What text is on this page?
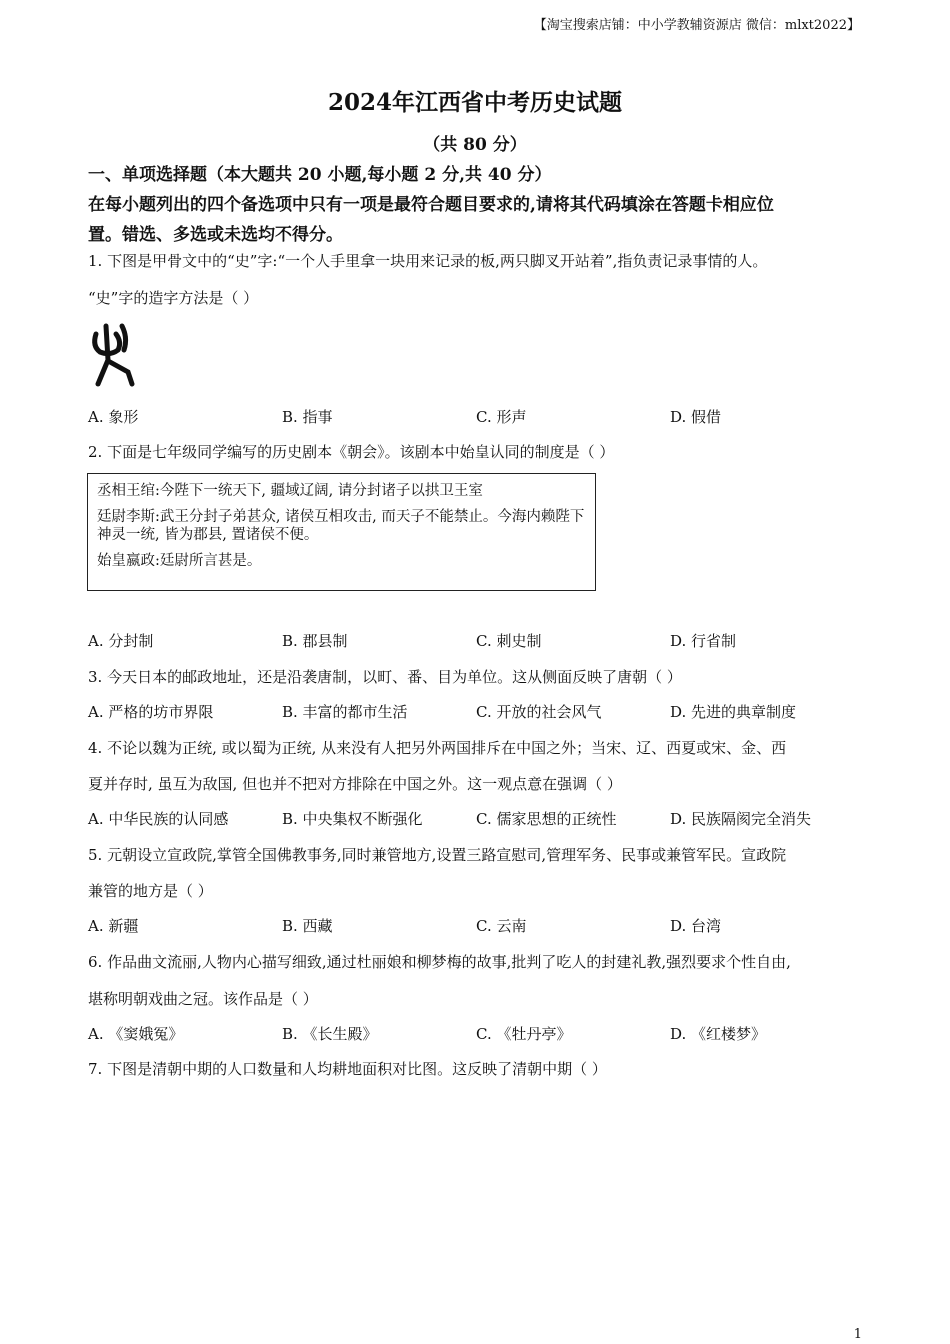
【淘宝搜索店铺：中小学教辅资源店 微信：mlxt2022】
2024年江西省中考历史试题
（共 80 分）
一、单项选择题（本大题共 20 小题,每小题 2 分,共 40 分）
在每小题列出的四个备选项中只有一项是最符合题目要求的,请将其代码填涂在答题卡相应位
置。错选、多选或未选均不得分。
1. 下图是甲骨文中的“史”字:“一个人手里拿一块用来记录的板,两只脚叉开站着”,指负责记录事情的人。
“史”字的造字方法是（ ）
A. 象形	B. 指事	C. 形声	D. 假借
2. 下面是七年级同学编写的历史剧本《朝会》。该剧本中始皇认同的制度是（ ）

丞相王绾:今陛下一统天下, 疆域辽阔, 请分封诸子以拱卫王室

廷尉李斯:武王分封子弟甚众, 诸侯互相攻击, 而天子不能禁止。今海内赖陛下神灵一统, 皆为郡县, 置诸侯不便。

始皇嬴政:廷尉所言甚是。

A. 分封制	B. 郡县制	C. 刺史制	D. 行省制
3. 今天日本的邮政地址，还是沿袭唐制，以町、番、目为单位。这从侧面反映了唐朝（ ）
A. 严格的坊市界限	B. 丰富的都市生活	C. 开放的社会风气	D. 先进的典章制度
4. 不论以魏为正统, 或以蜀为正统, 从来没有人把另外两国排斥在中国之外；当宋、辽、西夏或宋、金、西
夏并存时, 虽互为敌国, 但也并不把对方排除在中国之外。这一观点意在强调（ ）
A. 中华民族的认同感	B. 中央集权不断强化	C. 儒家思想的正统性	D. 民族隔阂完全消失
5. 元朝设立宣政院,掌管全国佛教事务,同时兼管地方,设置三路宣慰司,管理军务、民事或兼管军民。宣政院
兼管的地方是（ ）
A. 新疆	B. 西藏	C. 云南	D. 台湾
6. 作品曲文流丽,人物内心描写细致,通过杜丽娘和柳梦梅的故事,批判了吃人的封建礼教,强烈要求个性自由,
堪称明朝戏曲之冠。该作品是（ ）
A. 《窦娥冤》	B. 《长生殿》	C. 《牡丹亭》	D. 《红楼梦》
7. 下图是清朝中期的人口数量和人均耕地面积对比图。这反映了清朝中期（ ）
1
